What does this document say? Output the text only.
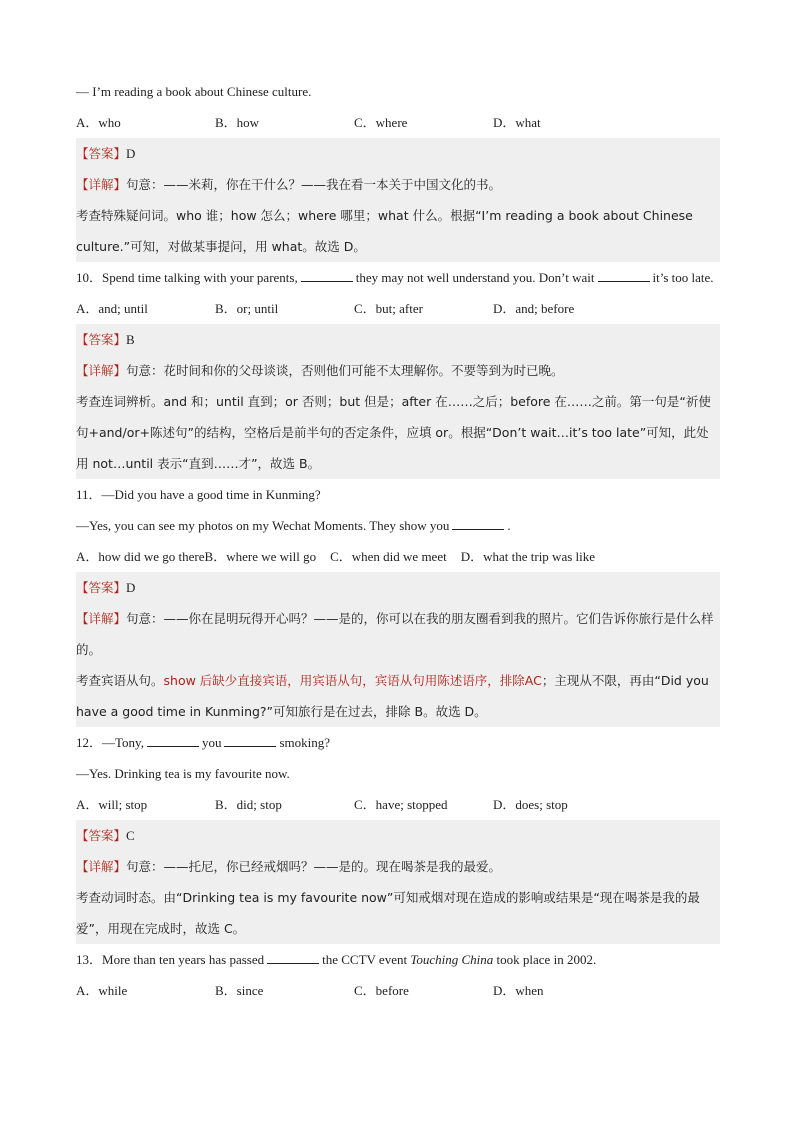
— I’m reading a book about Chinese culture.
A．who	B．how	C．where	D．what
【答案】D
【详解】句意：——米莉，你在干什么？——我在看一本关于中国文化的书。
考查特殊疑问词。who 谁；how 怎么；where 哪里；what 什么。根据“I’m reading a book about Chinese culture.”可知，对做某事提问，用 what。故选 D。
10．Spend time talking with your parents,	they may not well understand you. Don’t wait	it’s too late.
A．and; until	B．or; until	C．but; after	D．and; before
【答案】B
【详解】句意：花时间和你的父母谈谈，否则他们可能不太理解你。不要等到为时已晚。
考查连词辨析。and 和；until 直到；or 否则；but 但是；after 在……之后；before 在……之前。第一句是“祈使句+and/or+陈述句”的结构，空格后是前半句的否定条件，应填 or。根据“Don’t wait…it’s too late”可知，此处用 not…until 表示“直到……才”，故选 B。
11．—Did you have a good time in Kunming?
—Yes, you can see my photos on my Wechat Moments. They show you	.
A．how did we go there B．where we will go C．when did we meet D．what the trip was like
【答案】D
【详解】句意：——你在昆明玩得开心吗？——是的，你可以在我的朋友圈看到我的照片。它们告诉你旅行是什么样的。
考查宾语从句。show 后缺少直接宾语，用宾语从句，宾语从句用陈述语序，排除AC；主现从不限，再由“Did you have a good time in Kunming?”可知旅行是在过去，排除 B。故选 D。
12．—Tony,	you	smoking?
—Yes. Drinking tea is my favourite now.
A．will; stop	B．did; stop	C．have; stopped	D．does; stop
【答案】C
【详解】句意：——托尼，你已经戒烟吗？——是的。现在喝茶是我的最爱。
考查动词时态。由“Drinking tea is my favourite now”可知戒烟对现在造成的影响或结果是“现在喝茶是我的最爱”，用现在完成时，故选 C。
13．More than ten years has passed	the CCTV event Touching China took place in 2002.
A．while	B．since	C．before	D．when
